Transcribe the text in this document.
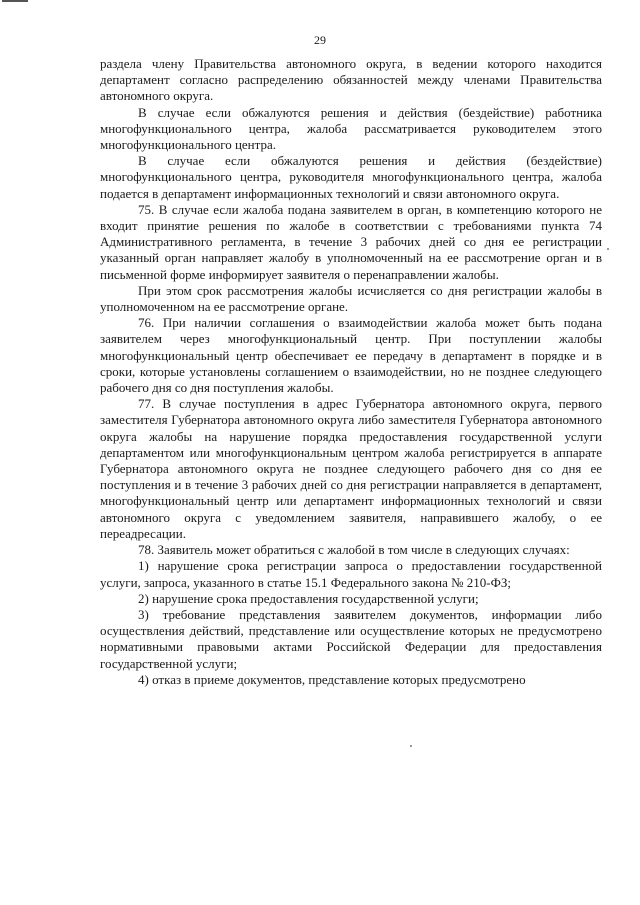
29

раздела члену Правительства автономного округа, в ведении которого находится департамент согласно распределению обязанностей между членами Правительства автономного округа.

В случае если обжалуются решения и действия (бездействие) работника многофункционального центра, жалоба рассматривается руководителем этого многофункционального центра.

В случае если обжалуются решения и действия (бездействие) многофункционального центра, руководителя многофункционального центра, жалоба подается в департамент информационных технологий и связи автономного округа.

75. В случае если жалоба подана заявителем в орган, в компетенцию которого не входит принятие решения по жалобе в соответствии с требованиями пункта 74 Административного регламента, в течение 3 рабочих дней со дня ее регистрации указанный орган направляет жалобу в уполномоченный на ее рассмотрение орган и в письменной форме информирует заявителя о перенаправлении жалобы.

При этом срок рассмотрения жалобы исчисляется со дня регистрации жалобы в уполномоченном на ее рассмотрение органе.

76. При наличии соглашения о взаимодействии жалоба может быть подана заявителем через многофункциональный центр. При поступлении жалобы многофункциональный центр обеспечивает ее передачу в департамент в порядке и в сроки, которые установлены соглашением о взаимодействии, но не позднее следующего рабочего дня со дня поступления жалобы.

77. В случае поступления в адрес Губернатора автономного округа, первого заместителя Губернатора автономного округа либо заместителя Губернатора автономного округа жалобы на нарушение порядка предоставления государственной услуги департаментом или многофункциональным центром жалоба регистрируется в аппарате Губернатора автономного округа не позднее следующего рабочего дня со дня ее поступления и в течение 3 рабочих дней со дня регистрации направляется в департамент, многофункциональный центр или департамент информационных технологий и связи автономного округа с уведомлением заявителя, направившего жалобу, о ее переадресации.

78. Заявитель может обратиться с жалобой в том числе в следующих случаях:

1) нарушение срока регистрации запроса о предоставлении государственной услуги, запроса, указанного в статье 15.1 Федерального закона № 210-ФЗ;

2) нарушение срока предоставления государственной услуги;

3) требование представления заявителем документов, информации либо осуществления действий, представление или осуществление которых не предусмотрено нормативными правовыми актами Российской Федерации для предоставления государственной услуги;

4) отказ в приеме документов, представление которых предусмотрено
